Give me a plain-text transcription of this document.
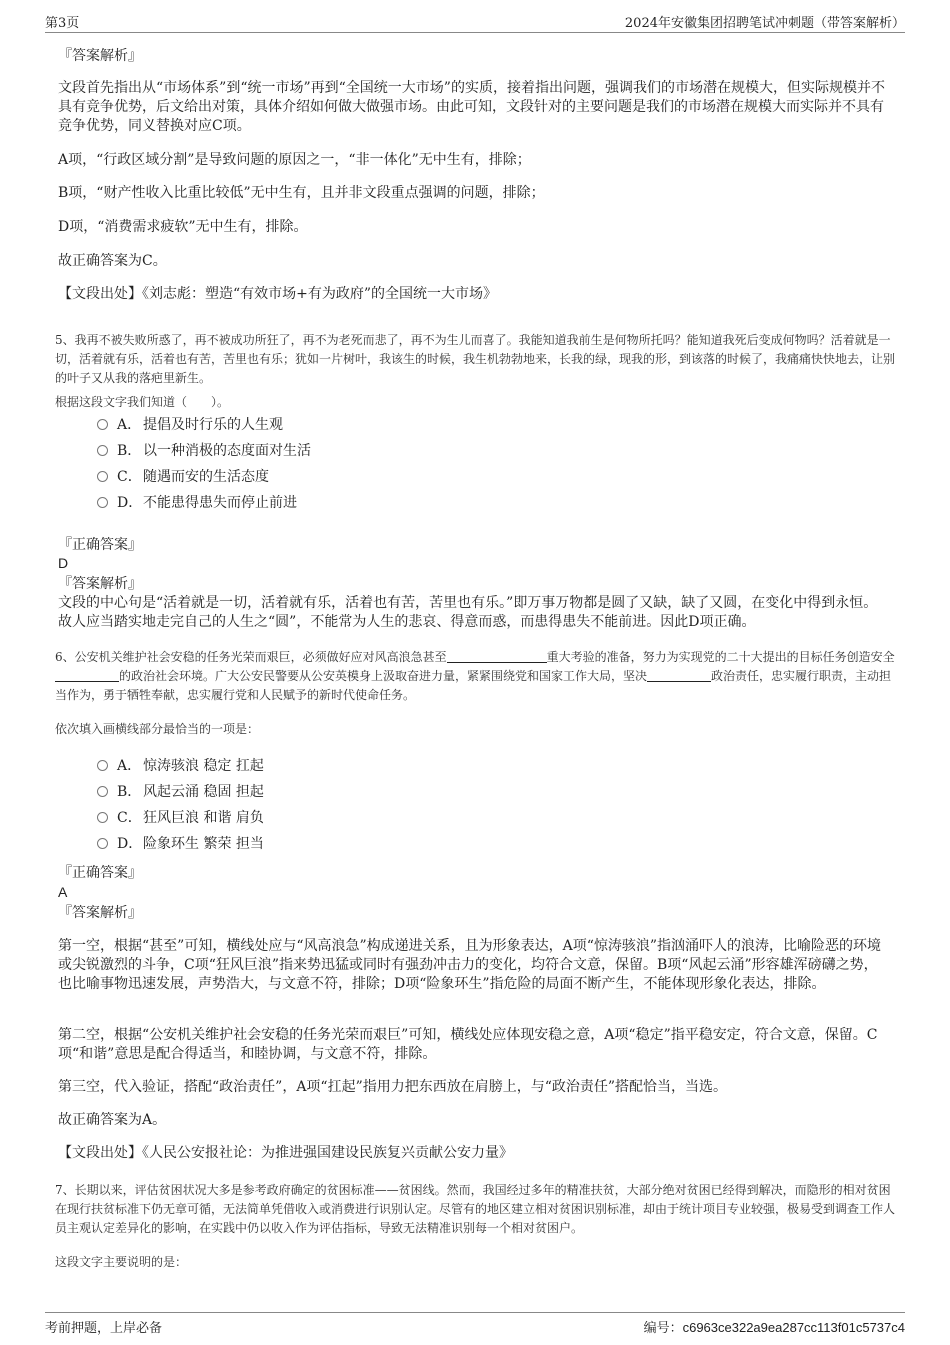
第3页	2024年安徽集团招聘笔试冲刺题（带答案解析）
『答案解析』
文段首先指出从“市场体系”到“统一市场”再到“全国统一大市场”的实质，接着指出问题，强调我们的市场潜在规模大，但实际规模并不具有竞争优势，后文给出对策，具体介绍如何做大做强市场。由此可知，文段针对的主要问题是我们的市场潜在规模大而实际并不具有竞争优势，同义替换对应C项。
A项，“行政区域分割”是导致问题的原因之一，“非一体化”无中生有，排除；
B项，“财产性收入比重比较低”无中生有，且并非文段重点强调的问题，排除；
D项，“消费需求疲软”无中生有，排除。
故正确答案为C。
【文段出处】《刘志彪：塑造“有效市场+有为政府”的全国统一大市场》
5、我再不被失败所惑了，再不被成功所狂了，再不为老死而悲了，再不为生儿而喜了。我能知道我前生是何物所托吗？能知道我死后变成何物吗？活着就是一切，活着就有乐，活着也有苦，苦里也有乐；犹如一片树叶，我该生的时候，我生机勃勃地来，长我的绿，现我的形，到该落的时候了，我痛痛快快地去，让别的叶子又从我的落疤里新生。
根据这段文字我们知道（　　）。
A． 提倡及时行乐的人生观
B． 以一种消极的态度面对生活
C．随遇而安的生活态度
D．不能患得患失而停止前进
『正确答案』
D
『答案解析』
文段的中心句是“活着就是一切，活着就有乐，活着也有苦，苦里也有乐。”即万事万物都是圆了又缺，缺了又圆，在变化中得到永恒。故人应当踏实地走完自己的人生之“圆”，不能常为人生的悲哀、得意而惑，而患得患失不能前进。因此D项正确。
6、公安机关维护社会安稳的任务光荣而艰巨，必须做好应对风高浪急甚至	重大考验的准备，努力为实现党的二十大提出的目标任务创造安全的政治社会环境。广大公安民警要从公安英模身上汲取奋进力量，紧紧围绕党和国家工作大局，坚决	政治责任，忠实履行职责，主动担当作为，勇于牺牲奉献，忠实履行党和人民赋予的新时代使命任务。
依次填入画横线部分最恰当的一项是：
A． 惊涛骇浪 稳定 扛起
B． 风起云涌 稳固 担起
C．狂风巨浪 和谐 肩负
D．险象环生 繁荣 担当
『正确答案』
A
『答案解析』
第一空，根据“甚至”可知，横线处应与“风高浪急”构成递进关系，且为形象表达，A项“惊涛骇浪”指汹涌吓人的浪涛，比喻险恶的环境或尖锐激烈的斗争，C项“狂风巨浪”指来势迅猛或同时有强劲冲击力的变化，均符合文意，保留。B项“风起云涌”形容雄浑磅礴之势，也比喻事物迅速发展，声势浩大，与文意不符，排除；D项“险象环生”指危险的局面不断产生，不能体现形象化表达，排除。
第二空，根据“公安机关维护社会安稳的任务光荣而艰巨”可知，横线处应体现安稳之意，A项“稳定”指平稳安定，符合文意，保留。C项“和谐”意思是配合得适当，和睦协调，与文意不符，排除。
第三空，代入验证，搭配“政治责任”，A项“扛起”指用力把东西放在肩膀上，与“政治责任”搭配恰当，当选。
故正确答案为A。
【文段出处】《人民公安报社论：为推进强国建设民族复兴贡献公安力量》
7、长期以来，评估贫困状况大多是参考政府确定的贫困标准——贫困线。然而，我国经过多年的精准扶贫，大部分绝对贫困已经得到解决，而隐形的相对贫困在现行扶贫标准下仍无章可循，无法简单凭借收入或消费进行识别认定。尽管有的地区建立相对贫困识别标准，却由于统计项目专业较强，极易受到调查工作人员主观认定差异化的影响，在实践中仍以收入作为评估指标，导致无法精准识别每一个相对贫困户。
这段文字主要说明的是：
考前押题，上岸必备	编号：c6963ce322a9ea287cc113f01c5737c4
